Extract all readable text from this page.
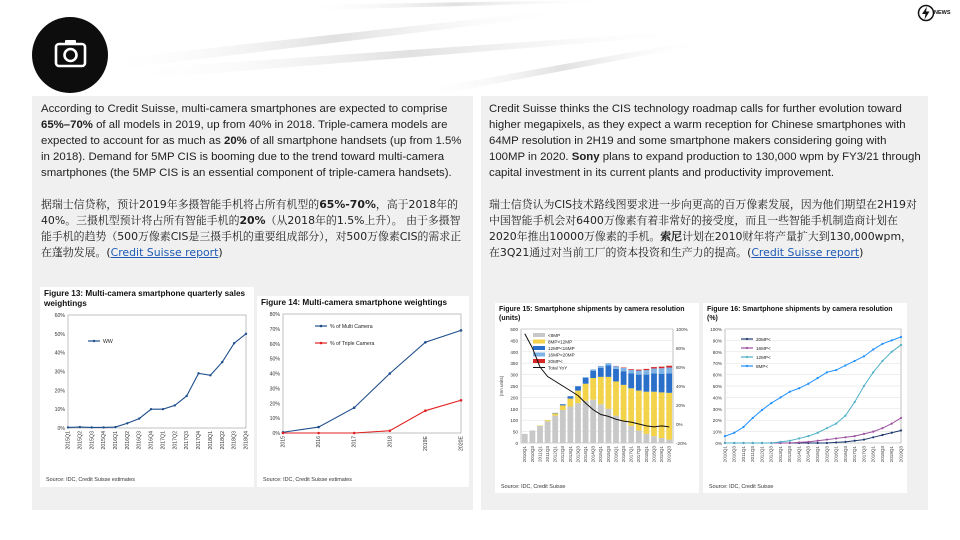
NEWS

According to Credit Suisse, multi-camera smartphones are expected to comprise 65%–70% of all models in 2019, up from 40% in 2018. Triple-camera models are expected to account for as much as 20% of all smartphone handsets (up from 1.5% in 2018). Demand for 5MP CIS is booming due to the trend toward multi-camera smartphones (the 5MP CIS is an essential component of triple-camera handsets).

据瑞士信贷称，预计2019年多摄智能手机将占所有机型的65%-70%，高于2018年的40%。三摄机型预计将占所有智能手机的20%（从2018年的1.5%上升）。 由于多摄智能手机的趋势（500万像素CIS是三摄手机的重要组成部分），对500万像素CIS的需求正在蓬勃发展。(Credit Suisse report)

0%
10%
20%
30%
40%
50%
60%
2015Q1 2015Q2 2015Q3 2015Q4 2016Q1 2016Q2 2016Q3 2016Q4 2017Q1 2017Q2 2017Q3 2017Q4 2018Q1 2018Q2 2018Q3 2018Q4
WW
Figure 13: Multi-camera smartphone quarterly sales weightings
Source: IDC, Credit Suisse estimates
0%
10%
20%
30%
40%
50%
60%
70%
80%
2015	2016	2017	2018	2019E	2020E
% of Multi Camera
% of Triple Camera
Figure 14: Multi-camera smartphone weightings
Source: IDC, Credit Suisse estimates

Credit Suisse thinks the CIS technology roadmap calls for further evolution toward higher megapixels, as they expect a warm reception for Chinese smartphones with 64MP resolution in 2H19 and some smartphone makers considering going with 100MP in 2020. Sony plans to expand production to 130,000 wpm by FY3/21 through capital investment in its current plants and productivity improvement.

瑞士信贷认为CIS技术路线图要求进一步向更高的百万像素发展，因为他们期望在2H19对中国智能手机会对6400万像素有着非常好的接受度，而且一些智能手机制造商计划在2020年推出10000万像素的手机。索尼计划在2010财年将产量扩大到130,000wpm，在3Q21通过对当前工厂的资本投资和生产力的提高。(Credit Suisse report)

0
50
100
150
200
250
300
350
400
450
500
2010Q1 2010Q3 2011Q1 2011Q3 2012Q1 2012Q3 2013Q1 2013Q3 2014Q1 2014Q3 2015Q1 2015Q3 2016Q1 2016Q3 2017Q1 2017Q3 2018Q1 2018Q3 2019Q1 2019Q3
<8MP
8MP<12MP
12MP<16MP
16MP<20MP
20MP<
-20%
0%
20%
40%
60%
80%
100%
Total YoY
(mn units)
Figure 15: Smartphone shipments by camera resolution (units)
Source: IDC, Credit Suisse
0%
10%
20%
30%
40%
50%
60%
70%
80%
90%
100%
2010Q1 2010Q3 2011Q1 2011Q3 2012Q1 2012Q3 2013Q1 2013Q3 2014Q1 2014Q3 2015Q1 2015Q3 2016Q1 2016Q3 2017Q1 2017Q3 2018Q1 2018Q3 2019Q1 2019Q3
20MP<
16MP<
12MP<
8MP<
Figure 16: Smartphone shipments by camera resolution (%)
Source: IDC, Credit Suisse
